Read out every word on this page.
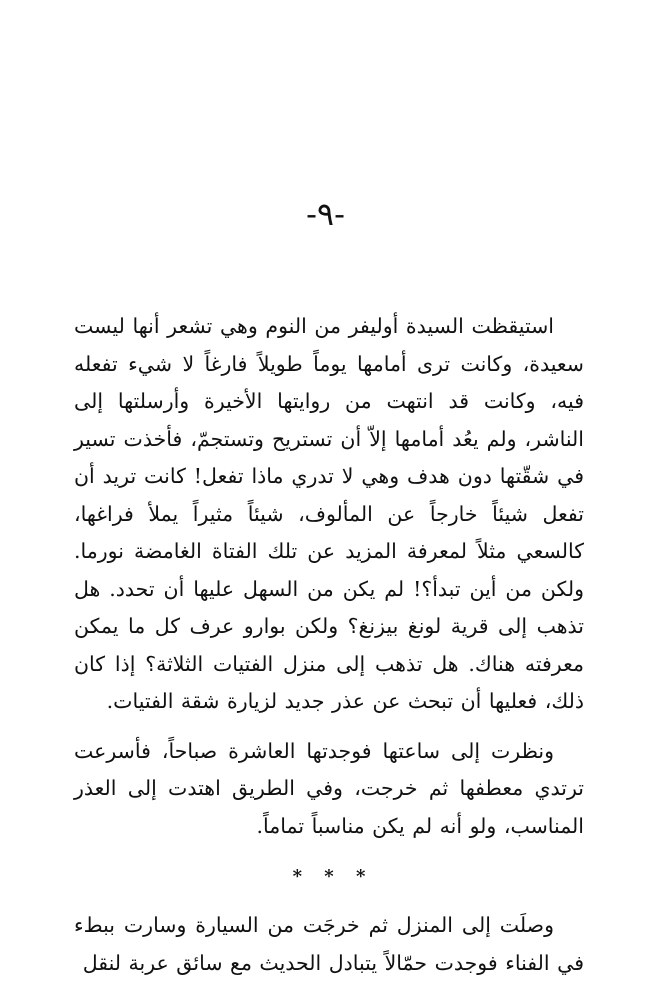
-٩-

استيقظت السيدة أوليفر من النوم وهي تشعر أنها ليست سعيدة، وكانت ترى أمامها يوماً طويلاً فارغاً لا شيء تفعله فيه، وكانت قد انتهت من روايتها الأخيرة وأرسلتها إلى الناشر، ولم يعُد أمامها إلاّ أن تستريح وتستجمّ، فأخذت تسير في شقّتها دون هدف وهي لا تدري ماذا تفعل! كانت تريد أن تفعل شيئاً خارجاً عن المألوف، شيئاً مثيراً يملأ فراغها، كالسعي مثلاً لمعرفة المزيد عن تلك الفتاة الغامضة نورما. ولكن من أين تبدأ؟! لم يكن من السهل عليها أن تحدد. هل تذهب إلى قرية لونغ بيزنغ؟ ولكن بوارو عرف كل ما يمكن معرفته هناك. هل تذهب إلى منزل الفتيات الثلاثة؟ إذا كان ذلك، فعليها أن تبحث عن عذر جديد لزيارة شقة الفتيات.

ونظرت إلى ساعتها فوجدتها العاشرة صباحاً، فأسرعت ترتدي معطفها ثم خرجت، وفي الطريق اهتدت إلى العذر المناسب، ولو أنه لم يكن مناسباً تماماً.

* * *

وصلَت إلى المنزل ثم خرجَت من السيارة وسارت ببطء في الفناء فوجدت حمّالاً يتبادل الحديث مع سائق عربة لنقل
